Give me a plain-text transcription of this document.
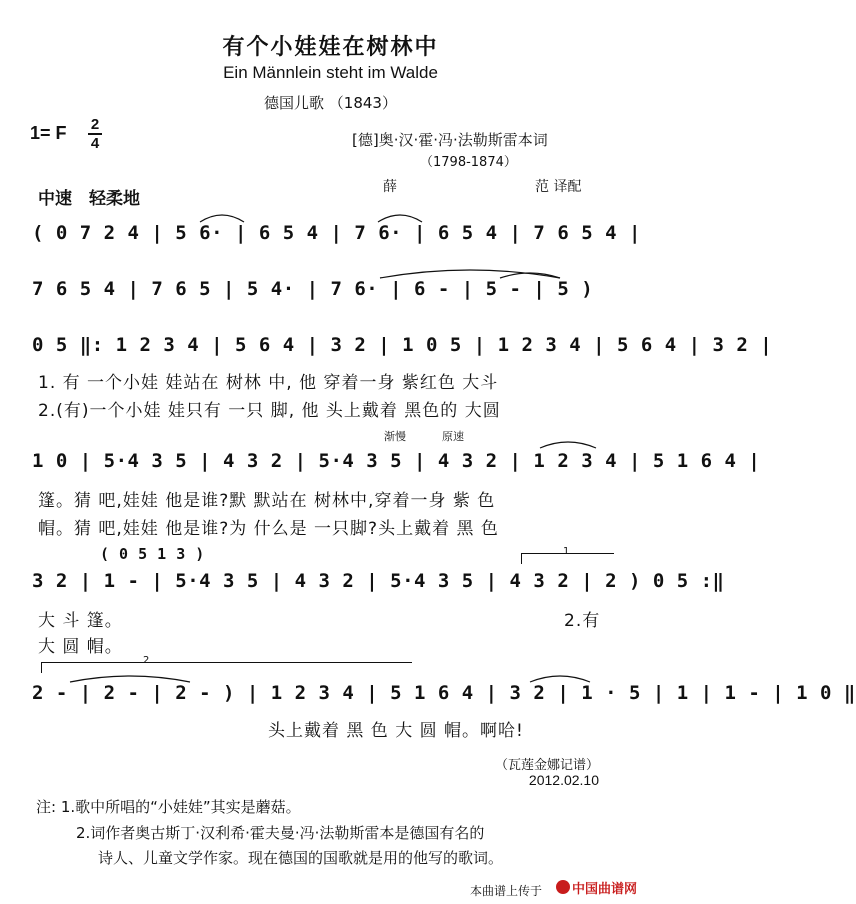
有个小娃娃在树林中
Ein Männlein steht im Walde
德国儿歌 （1843）
1= F 2
4	[德]奥·汉·霍·冯·法勒斯雷本词
（1798-1874）
薛	范 译配
中速　轻柔地
( 0 7 2 4 | 5 6· | 6 5 4 | 7 6· | 6 5 4 | 7 6 5 4 |
7 6 5 4 | 7 6 5 | 5 4· | 7 6· | 6 - | 5 - | 5 )
0 5 ‖: 1 2 3 4 | 5 6 4 | 3 2 | 1 0 5 | 1 2 3 4 | 5 6 4 | 3 2 |
1. 有 一个小娃 娃站在 树林 中, 他 穿着一身 紫红色 大斗
2.(有)一个小娃 娃只有 一只 脚, 他 头上戴着 黑色的 大圆
渐慢	原速
1 0 | 5·4 3 5 | 4 3 2 | 5·4 3 5 | 4 3 2 | 1 2 3 4 | 5 1 6 4 |
篷。猜 吧,娃娃 他是谁?默 默站在 树林中,穿着一身 紫 色
帽。猜 吧,娃娃 他是谁?为 什么是 一只脚?头上戴着 黑 色
( 0 5 1 3 )	1
3 2 | 1 - | 5·4 3 5 | 4 3 2 | 5·4 3 5 | 4 3 2 | 2 ) 0 5 :‖
大 斗 篷。	2.有
大 圆 帽。
2
2 - | 2 - | 2 - ) | 1 2 3 4 | 5 1 6 4 | 3 2 | 1 · 5 | 1 | 1 - | 1 0 ‖
头上戴着 黑 色 大 圆 帽。啊哈!
（瓦莲金娜记谱）
2012.02.10
注: 1.歌中所唱的“小娃娃”其实是蘑菇。
2.词作者奥古斯丁·汉利希·霍夫曼·冯·法勒斯雷本是德国有名的
诗人、儿童文学作家。现在德国的国歌就是用的他写的歌词。
本曲谱上传于 中国曲谱网
